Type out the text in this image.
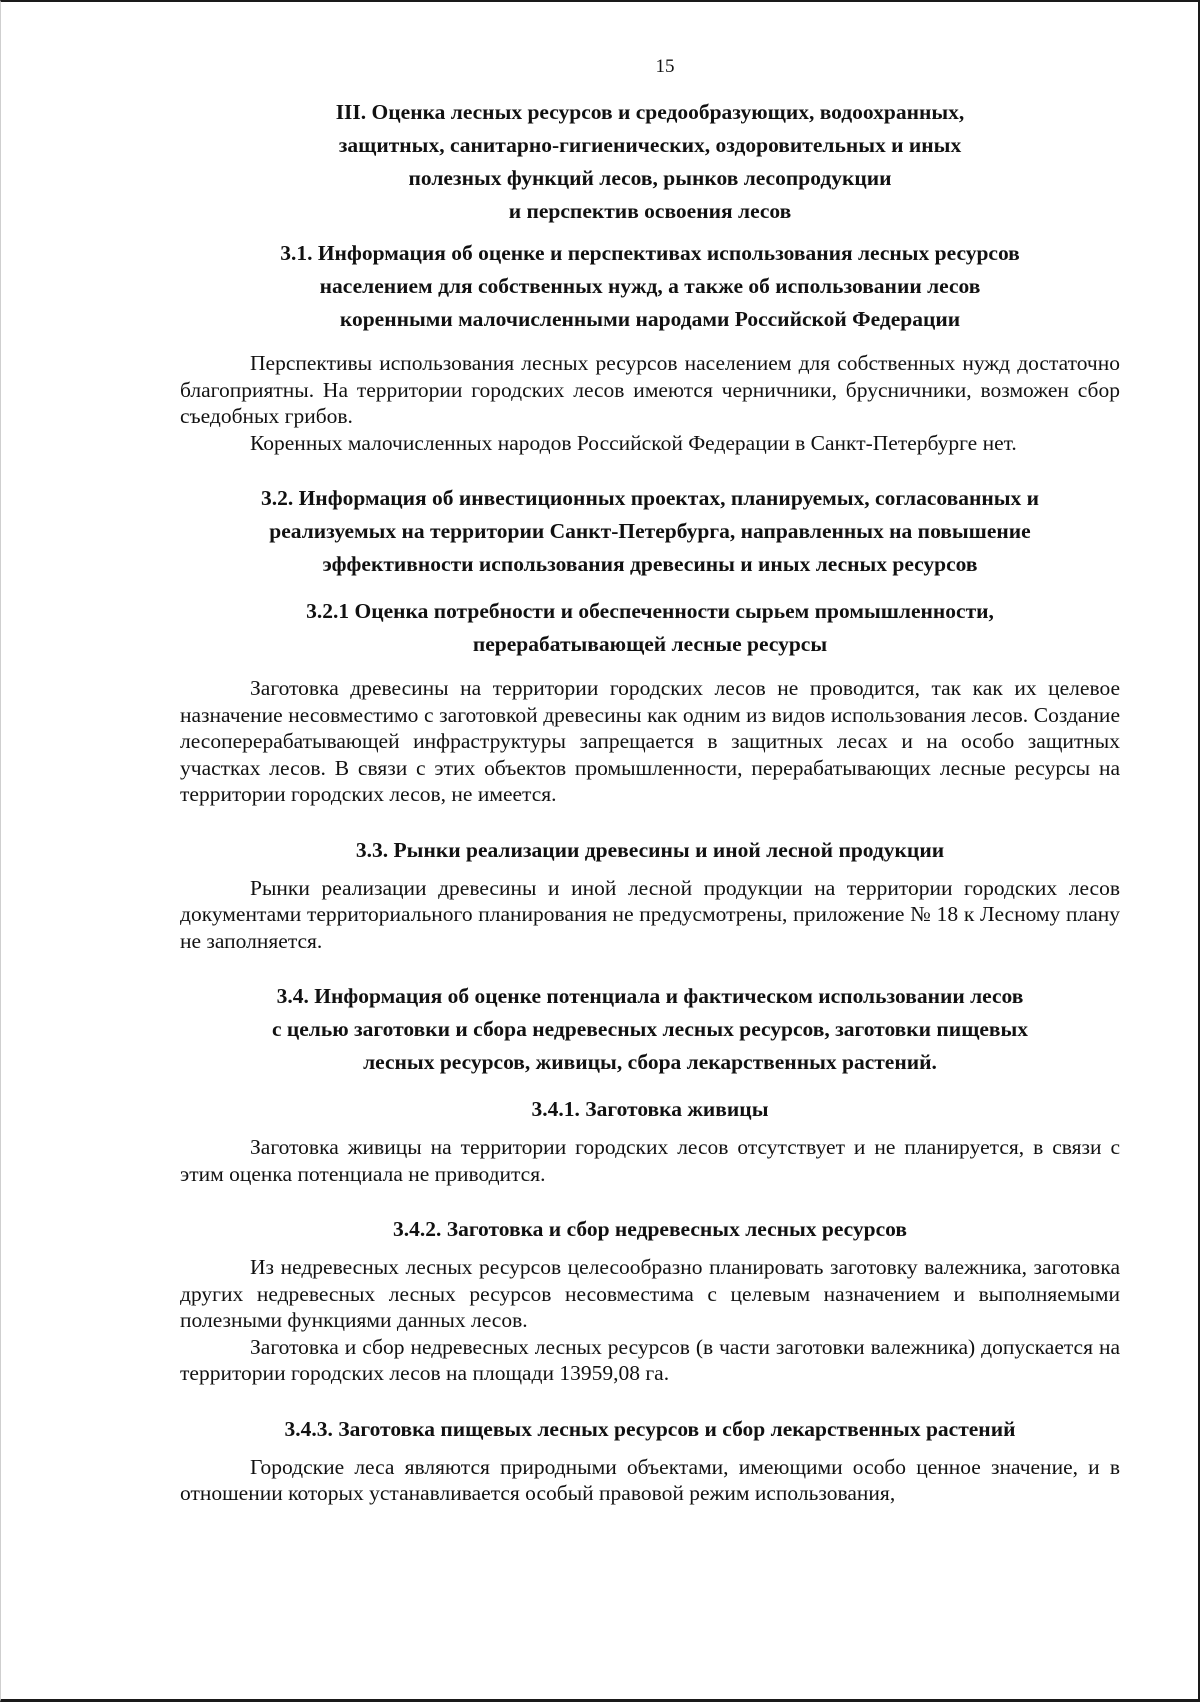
15
III. Оценка лесных ресурсов и средообразующих, водоохранных,
защитных, санитарно-гигиенических, оздоровительных и иных
полезных функций лесов, рынков лесопродукции
и перспектив освоения лесов
3.1. Информация об оценке и перспективах использования лесных ресурсов
населением для собственных нужд, а также об использовании лесов
коренными малочисленными народами Российской Федерации

Перспективы использования лесных ресурсов населением для собственных нужд достаточно благоприятны. На территории городских лесов имеются черничники, брусничники, возможен сбор съедобных грибов.

Коренных малочисленных народов Российской Федерации в Санкт-Петербурге нет.

3.2. Информация об инвестиционных проектах, планируемых, согласованных и
реализуемых на территории Санкт-Петербурга, направленных на повышение
эффективности использования древесины и иных лесных ресурсов
3.2.1 Оценка потребности и обеспеченности сырьем промышленности,
перерабатывающей лесные ресурсы

Заготовка древесины на территории городских лесов не проводится, так как их целевое назначение несовместимо с заготовкой древесины как одним из видов использования лесов. Создание лесоперерабатывающей инфраструктуры запрещается в защитных лесах и на особо защитных участках лесов. В связи с этих объектов промышленности, перерабатывающих лесные ресурсы на территории городских лесов, не имеется.

3.3. Рынки реализации древесины и иной лесной продукции

Рынки реализации древесины и иной лесной продукции на территории городских лесов документами территориального планирования не предусмотрены, приложение № 18 к Лесному плану не заполняется.

3.4. Информация об оценке потенциала и фактическом использовании лесов
с целью заготовки и сбора недревесных лесных ресурсов, заготовки пищевых
лесных ресурсов, живицы, сбора лекарственных растений.
3.4.1. Заготовка живицы

Заготовка живицы на территории городских лесов отсутствует и не планируется, в связи с этим оценка потенциала не приводится.

3.4.2. Заготовка и сбор недревесных лесных ресурсов

Из недревесных лесных ресурсов целесообразно планировать заготовку валежника, заготовка других недревесных лесных ресурсов несовместима с целевым назначением и выполняемыми полезными функциями данных лесов.

Заготовка и сбор недревесных лесных ресурсов (в части заготовки валежника) допускается на территории городских лесов на площади 13959,08 га.

3.4.3. Заготовка пищевых лесных ресурсов и сбор лекарственных растений

Городские леса являются природными объектами, имеющими особо ценное значение, и в отношении которых устанавливается особый правовой режим использования,
